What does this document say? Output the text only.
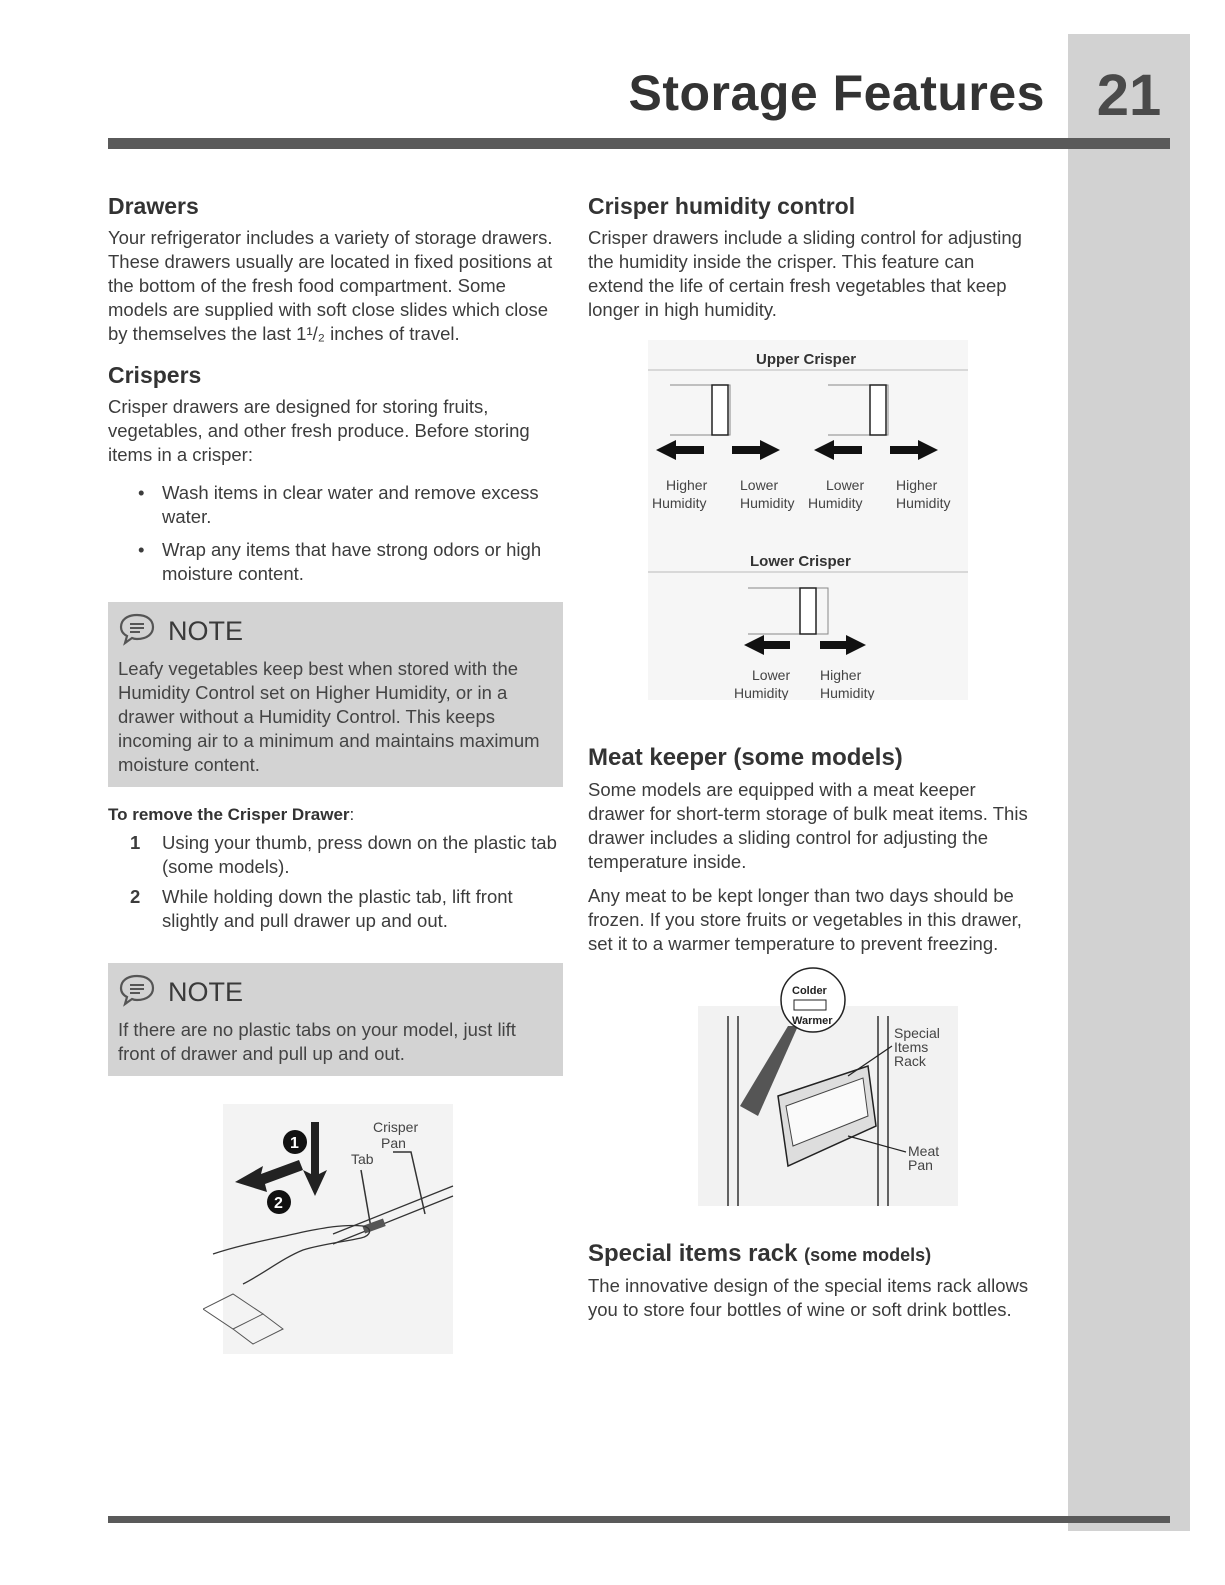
21
Storage Features
Drawers

Your refrigerator includes a variety of storage drawers. These drawers usually are located in fixed positions at the bottom of the fresh food compartment. Some models are supplied with soft close slides which close by themselves the last 1¹/₂ inches of travel.

Crispers

Crisper drawers are designed for storing fruits, vegetables, and other fresh produce. Before storing items in a crisper:

• Wash items in clear water and remove excess water.
• Wrap any items that have strong odors or high moisture content.
NOTE
Leafy vegetables keep best when stored with the Humidity Control set on Higher Humidity, or in a drawer without a Humidity Control. This keeps incoming air to a minimum and maintains maximum moisture content.
To remove the Crisper Drawer:
1 Using your thumb, press down on the plastic tab (some models).
2 While holding down the plastic tab, lift front slightly and pull drawer up and out.
NOTE
If there are no plastic tabs on your model, just lift front of drawer and pull up and out.
Crisper
Pan
Tab
1
2
Crisper humidity control

Crisper drawers include a sliding control for adjusting the humidity inside the crisper. This feature can extend the life of certain fresh vegetables that keep longer in high humidity.

Upper Crisper
Higher
Humidity
Lower
Humidity
Lower
Humidity
Higher
Humidity
Lower Crisper
Lower
Humidity
Higher
Humidity
Meat keeper (some models)

Some models are equipped with a meat keeper drawer for short-term storage of bulk meat items. This drawer includes a sliding control for adjusting the temperature inside.

Any meat to be kept longer than two days should be frozen. If you store fruits or vegetables in this drawer, set it to a warmer temperature to prevent freezing.

Colder
Warmer
Special
Items
Rack
Meat
Pan
Special items rack (some models)

The innovative design of the special items rack allows you to store four bottles of wine or soft drink bottles.
